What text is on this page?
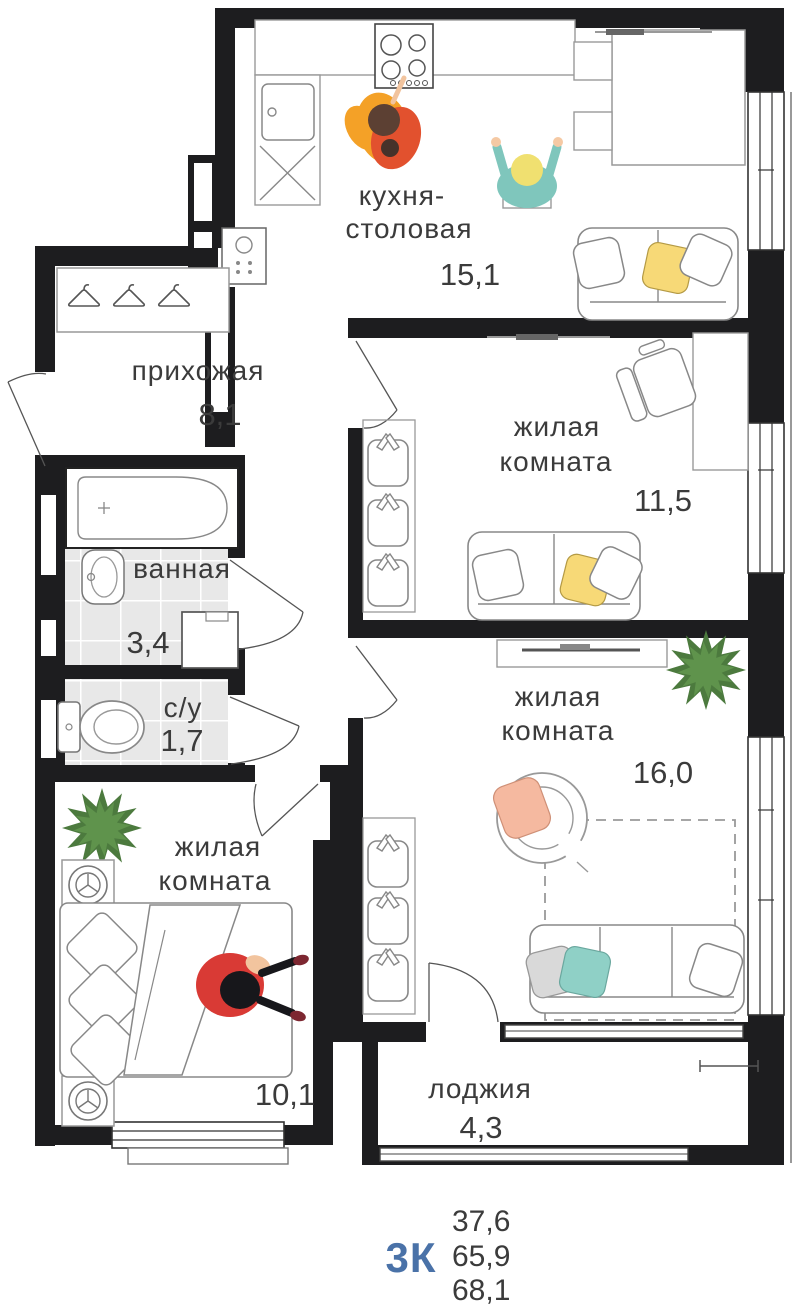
кухня-
столовая
15,1
прихожая
8,1
ванная
3,4
с/у
1,7
жилая
комната
11,5
жилая
комната
16,0
жилая
комната
10,1	лоджия
4,3
3К
37,6
65,9
68,1
